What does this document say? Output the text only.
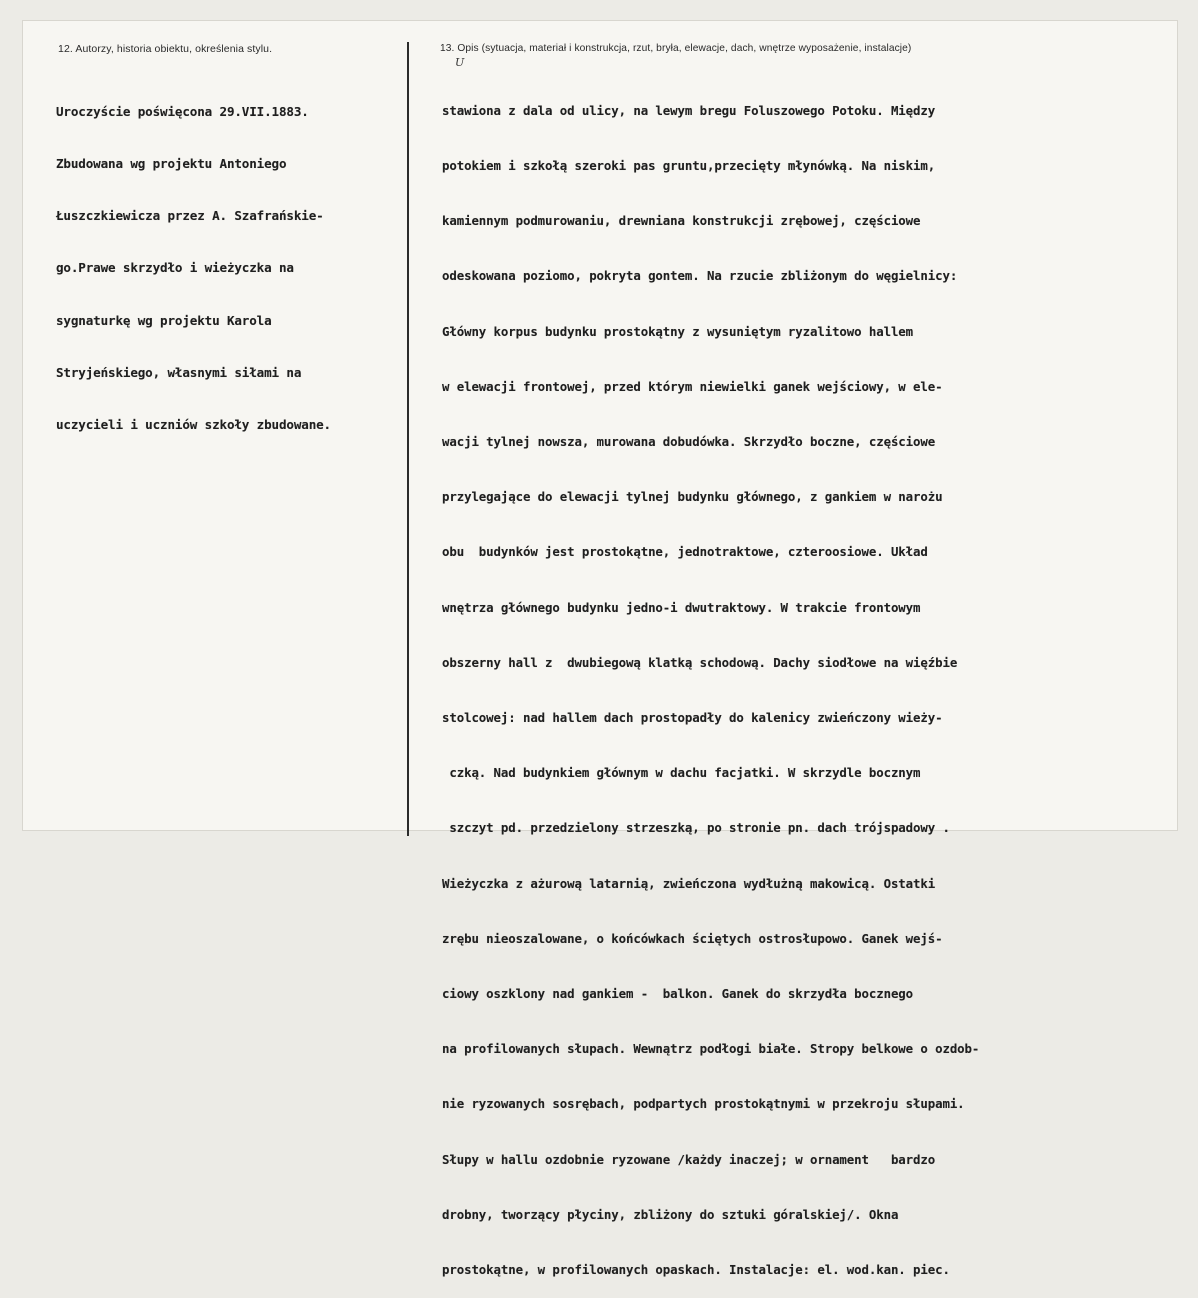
12. Autorzy, historia obiektu, określenia stylu.	13. Opis (sytuacja, materiał i konstrukcja, rzut, bryła, elewacje, dach, wnętrze wyposażenie, instalacje)

Uroczyście poświęcona 29.VII.1883.

Zbudowana wg projektu Antoniego

Łuszczkiewicza przez A. Szafrańskie-

go.Prawe skrzydło i wieżyczka na

sygnaturkę wg projektu Karola

Stryjeńskiego, własnymi siłami na

uczycieli i uczniów szkoły zbudowane.

U

stawiona z dala od ulicy, na lewym bregu Foluszowego Potoku. Między

potokiem i szkołą szeroki pas gruntu,przecięty młynówką. Na niskim,

kamiennym podmurowaniu, drewniana konstrukcji zrębowej, częściowe

odeskowana poziomo, pokryta gontem. Na rzucie zbliżonym do węgielnicy:

Główny korpus budynku prostokątny z wysuniętym ryzalitowo hallem

w elewacji frontowej, przed którym niewielki ganek wejściowy, w ele-

wacji tylnej nowsza, murowana dobudówka. Skrzydło boczne, częściowe

przylegające do elewacji tylnej budynku głównego, z gankiem w narożu

obu  budynków jest prostokątne, jednotraktowe, czteroosiowe. Układ

wnętrza głównego budynku jedno-i dwutraktowy. W trakcie frontowym

obszerny hall z  dwubiegową klatką schodową. Dachy siodłowe na więźbie

stolcowej: nad hallem dach prostopadły do kalenicy zwieńczony wieży-

czką. Nad budynkiem głównym w dachu facjatki. W skrzydle bocznym

szczyt pd. przedzielony strzeszką, po stronie pn. dach trójspadowy .

Wieżyczka z ażurową latarnią, zwieńczona wydłużną makowicą. Ostatki

zrębu nieoszalowane, o końcówkach ściętych ostrosłupowo. Ganek wejś-

ciowy oszklony nad gankiem -  balkon. Ganek do skrzydła bocznego

na profilowanych słupach. Wewnątrz podłogi białe. Stropy belkowe o ozdob-

nie ryzowanych sosrębach, podpartych prostokątnymi w przekroju słupami.

Słupy w hallu ozdobnie ryzowane /każdy inaczej; w ornament   bardzo

drobny, tworzący płyciny, zbliżony do sztuki góralskiej/. Okna

prostokątne, w profilowanych opaskach. Instalacje: el. wod.kan. piec.
